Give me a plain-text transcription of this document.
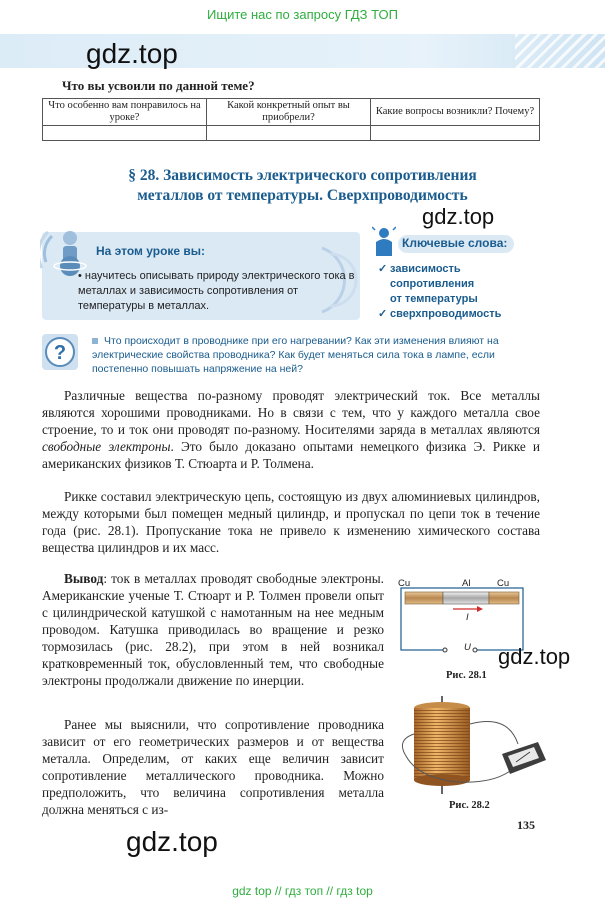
Ищите нас по запросу ГДЗ ТОП
gdz.top
Что вы усвоили по данной теме?
Что особенно вам понравилось на уроке?	Какой конкретный опыт вы приобрели?	Какие вопросы возникли? Почему?

§ 28. Зависимость электрического сопротивления
металлов от температуры. Сверхпроводимость
gdz.top
На этом уроке вы:
• научитесь описывать природу электрического тока в металлах и зависимость сопротивления от температуры в металлах.
Ключевые слова:
✓ зависимость
сопротивления
от температуры
✓ сверхпроводимость
?
Что происходит в проводнике при его нагревании? Как эти изменения влияют на электрические свойства проводника? Как будет меняться сила тока в лампе, если постепенно повышать напряжение на ней?
Различные вещества по-разному проводят электрический ток. Все металлы являются хорошими проводниками. Но в связи с тем, что у каждого металла свое строение, то и ток они проводят по-разному. Носителями заряда в металлах являются свободные электроны. Это было доказано опытами немецкого физика Э. Рикке и американских физиков Т. Стюарта и Р. Толмена.
Рикке составил электрическую цепь, состоящую из двух алюминиевых цилиндров, между которыми был помещен медный цилиндр, и пропускал по цепи ток в течение года (рис. 28.1). Пропускание тока не привело к изменению химического состава вещества цилиндров и их масс.
Вывод: ток в металлах проводят свободные электроны. Американские ученые Т. Стюарт и Р. Толмен провели опыт с цилиндрической катушкой с намотанным на нее медным проводом. Катушка приводилась во вращение и резко тормозилась (рис. 28.2), при этом в ней возникал кратковременный ток, обусловленный тем, что свободные электроны продолжали движение по инерции.
Ранее мы выяснили, что сопротивление проводника зависит от его геометрических размеров и от вещества металла. Определим, от каких еще величин зависит сопротивление металлического проводника. Можно предположить, что величина сопротивления металла должна меняться с из-
Cu	Al	Cu
I
U
Рис. 28.1
gdz.top
Рис. 28.2
135
gdz.top
gdz top // гдз топ // гдз top
